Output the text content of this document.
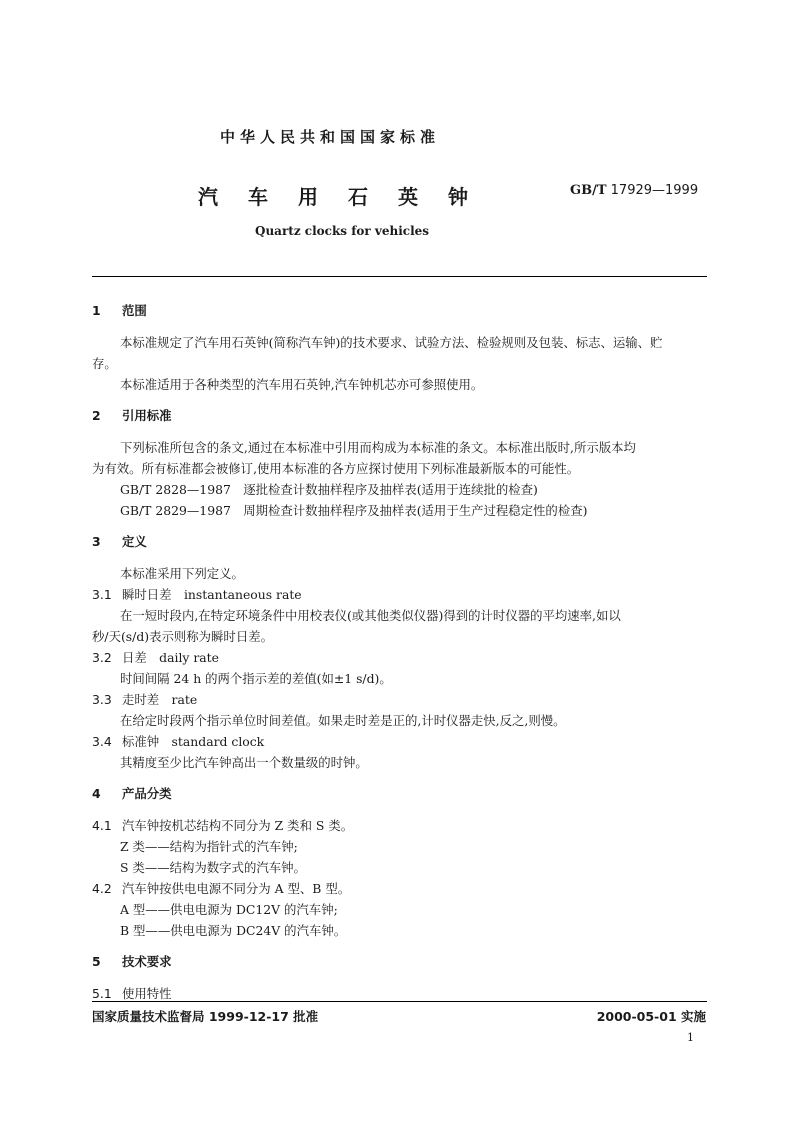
中华人民共和国国家标准
汽车用石英钟	GB/T 17929—1999
Quartz clocks for vehicles
1 范围
本标准规定了汽车用石英钟(简称汽车钟)的技术要求、试验方法、检验规则及包装、标志、运输、贮
存。
本标准适用于各种类型的汽车用石英钟,汽车钟机芯亦可参照使用。
2 引用标准
下列标准所包含的条文,通过在本标准中引用而构成为本标准的条文。本标准出版时,所示版本均
为有效。所有标准都会被修订,使用本标准的各方应探讨使用下列标准最新版本的可能性。
GB/T 2828—1987　逐批检查计数抽样程序及抽样表(适用于连续批的检查)
GB/T 2829—1987　周期检查计数抽样程序及抽样表(适用于生产过程稳定性的检查)
3 定义
本标准采用下列定义。
3.1 瞬时日差　instantaneous rate
在一短时段内,在特定环境条件中用校表仪(或其他类似仪器)得到的计时仪器的平均速率,如以
秒/天(s/d)表示则称为瞬时日差。
3.2 日差　daily rate
时间间隔 24 h 的两个指示差的差值(如±1 s/d)。
3.3 走时差　rate
在给定时段两个指示单位时间差值。如果走时差是正的,计时仪器走快,反之,则慢。
3.4 标准钟　standard clock
其精度至少比汽车钟高出一个数量级的时钟。
4 产品分类
4.1 汽车钟按机芯结构不同分为 Z 类和 S 类。
Z 类——结构为指针式的汽车钟;
S 类——结构为数字式的汽车钟。
4.2 汽车钟按供电电源不同分为 A 型、B 型。
A 型——供电电源为 DC12V 的汽车钟;
B 型——供电电源为 DC24V 的汽车钟。
5 技术要求
5.1 使用特性
国家质量技术监督局 1999-12-17 批准	2000-05-01 实施
1
